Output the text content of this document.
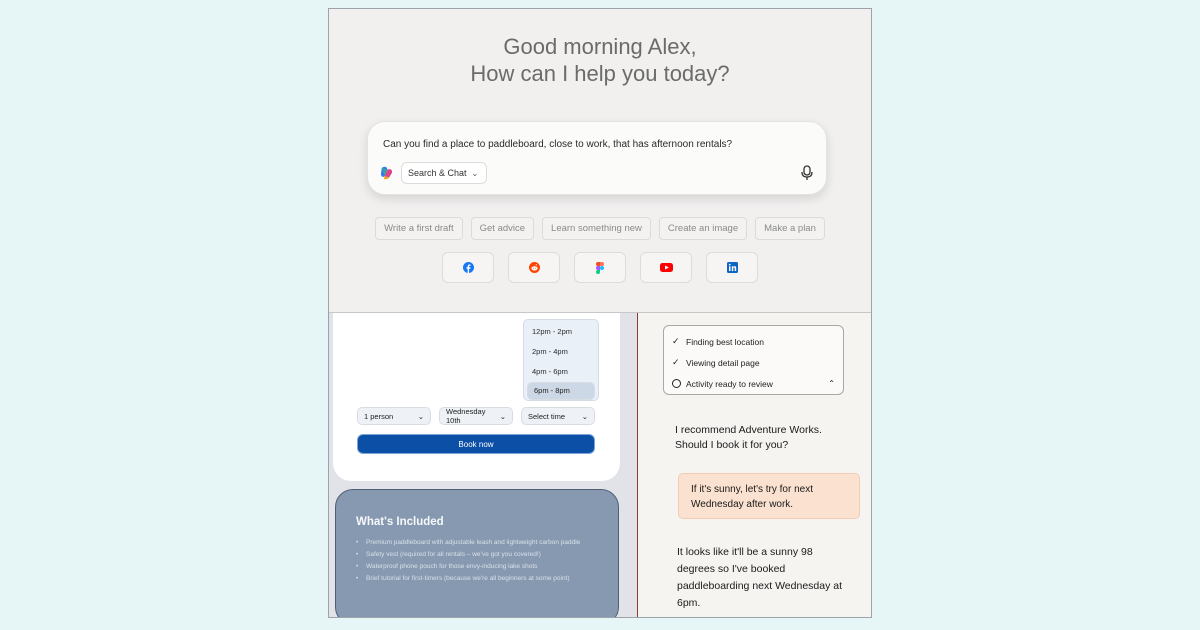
Good morning Alex,
How can I help you today?
Can you find a place to paddleboard, close to work, that has afternoon rentals?
Search & Chat ⌄
Write a first draft	Get advice	Learn something new	Create an image	Make a plan
12pm - 2pm
2pm - 4pm
4pm - 6pm
6pm - 8pm
1 person	⌄	Wednesday 10th	⌄	Select time ⌄
Book now
What's Included
• Premium paddleboard with adjustable leash and lightweight carbon paddle
• Safety vest (required for all rentals – we’ve got you covered!)
• Waterproof phone pouch for those envy-inducing lake shots
• Brief tutorial for first-timers (because we're all beginners at some point)
✓ Finding best location
✓ Viewing detail page
Activity ready to review	⌃
I recommend Adventure Works. Should I book it for you?
If it's sunny, let's try for next Wednesday after work.
It looks like it'll be a sunny 98 degrees so I've booked paddleboarding next Wednesday at 6pm.
